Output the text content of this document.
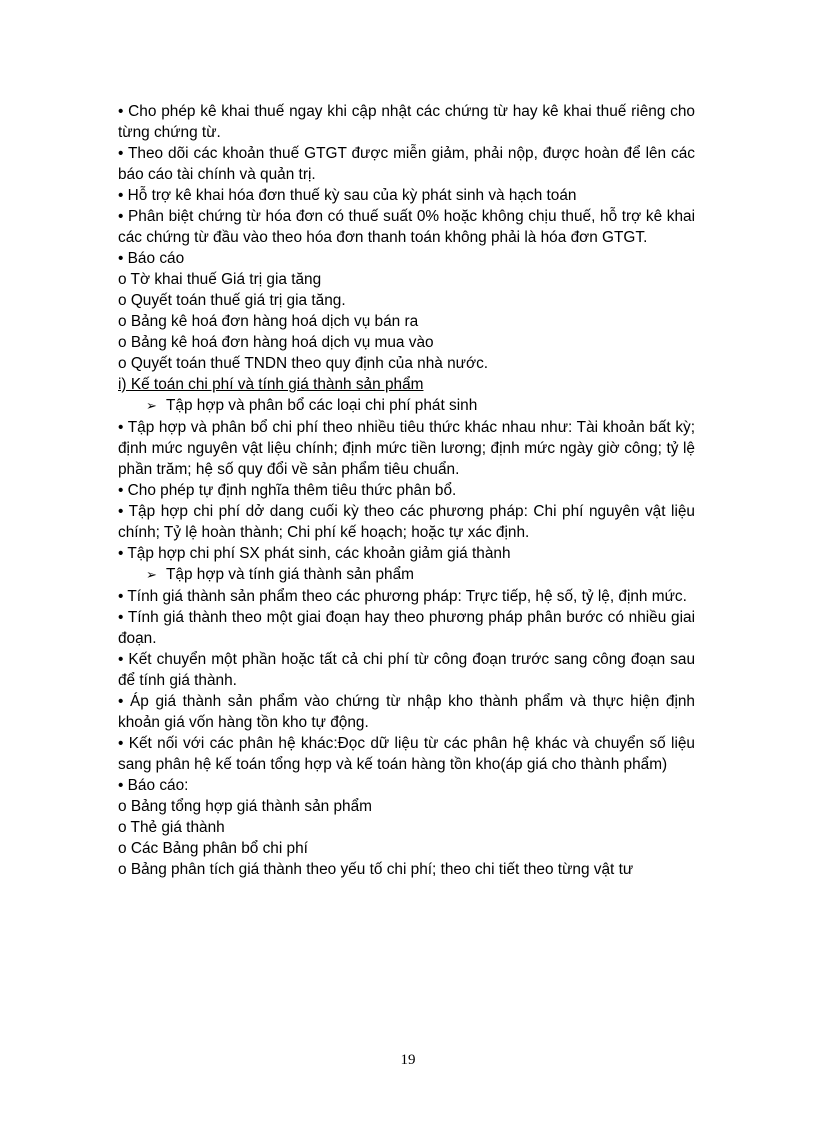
• Cho phép kê khai thuế ngay khi cập nhật các chứng từ hay kê khai thuế riêng cho từng chứng từ.

• Theo dõi các khoản thuế GTGT được miễn giảm, phải nộp, được hoàn để lên các báo cáo tài chính và quản trị.

• Hỗ trợ kê khai hóa đơn thuế kỳ sau của kỳ phát sinh và hạch toán

• Phân biệt chứng từ hóa đơn có thuế suất 0% hoặc không chịu thuế, hỗ trợ kê khai các chứng từ đầu vào theo hóa đơn thanh toán không phải là hóa đơn GTGT.

• Báo cáo

o Tờ khai thuế Giá trị gia tăng

o Quyết toán thuế giá trị gia tăng.

o Bảng kê hoá đơn hàng hoá dịch vụ bán ra

o Bảng kê hoá đơn hàng hoá dịch vụ mua vào

o Quyết toán thuế TNDN theo quy định của nhà nước.

i) Kế toán chi phí và tính giá thành sản phẩm

➢ Tập hợp và phân bổ các loại chi phí phát sinh

• Tập hợp và phân bổ chi phí theo nhiều tiêu thức khác nhau như: Tài khoản bất kỳ; định mức nguyên vật liệu chính; định mức tiền lương; định mức ngày giờ công; tỷ lệ phần trăm; hệ số quy đổi về sản phẩm tiêu chuẩn.

• Cho phép tự định nghĩa thêm tiêu thức phân bổ.

• Tập hợp chi phí dở dang cuối kỳ theo các phương pháp: Chi phí nguyên vật liệu chính; Tỷ lệ hoàn thành; Chi phí kế hoạch; hoặc tự xác định.

• Tập hợp chi phí SX phát sinh, các khoản giảm giá thành

➢ Tập hợp và tính giá thành sản phẩm

• Tính giá thành sản phẩm theo các phương pháp: Trực tiếp, hệ số, tỷ lệ, định mức.

• Tính giá thành theo một giai đoạn hay theo phương pháp phân bước có nhiều giai đoạn.

• Kết chuyển một phần hoặc tất cả chi phí từ công đoạn trước sang công đoạn sau để tính giá thành.

• Áp giá thành sản phẩm vào chứng từ nhập kho thành phẩm và thực hiện định khoản giá vốn hàng tồn kho tự động.

• Kết nối với các phân hệ khác:Đọc dữ liệu từ các phân hệ khác và chuyển số liệu sang phân hệ kế toán tổng hợp và kế toán hàng tồn kho(áp giá cho thành phẩm)

• Báo cáo:

o Bảng tổng hợp giá thành sản phẩm

o Thẻ giá thành

o Các Bảng phân bổ chi phí

o Bảng phân tích giá thành theo yếu tố chi phí; theo chi tiết theo từng vật tư

19
